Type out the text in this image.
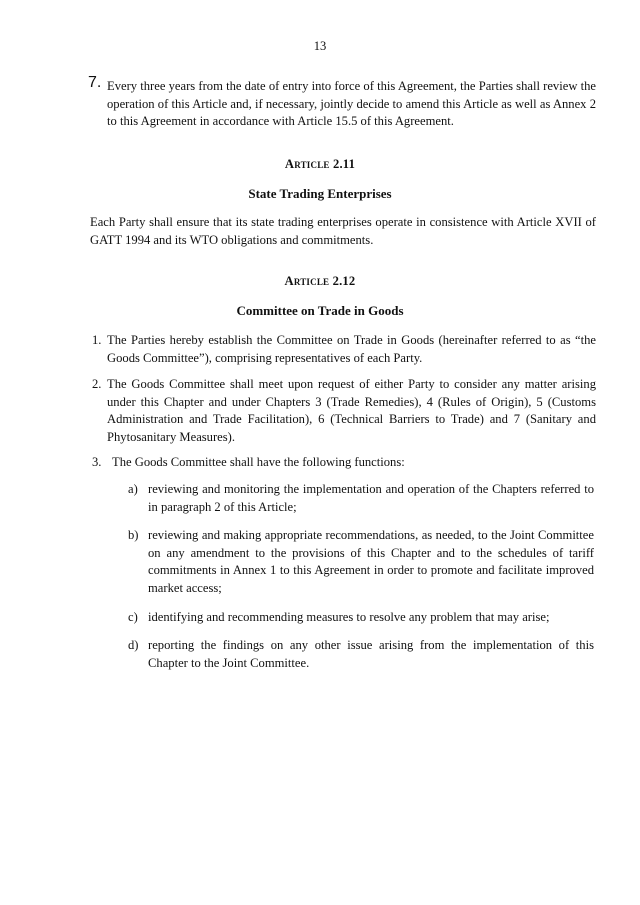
13
7. Every three years from the date of entry into force of this Agreement, the Parties shall review the operation of this Article and, if necessary, jointly decide to amend this Article as well as Annex 2 to this Agreement in accordance with Article 15.5 of this Agreement.
Article 2.11
State Trading Enterprises
Each Party shall ensure that its state trading enterprises operate in consistence with Article XVII of GATT 1994 and its WTO obligations and commitments.
Article 2.12
Committee on Trade in Goods
1. The Parties hereby establish the Committee on Trade in Goods (hereinafter referred to as “the Goods Committee”), comprising representatives of each Party.
2. The Goods Committee shall meet upon request of either Party to consider any matter arising under this Chapter and under Chapters 3 (Trade Remedies), 4 (Rules of Origin), 5 (Customs Administration and Trade Facilitation), 6 (Technical Barriers to Trade) and 7 (Sanitary and Phytosanitary Measures).
3. The Goods Committee shall have the following functions:
a) reviewing and monitoring the implementation and operation of the Chapters referred to in paragraph 2 of this Article;
b) reviewing and making appropriate recommendations, as needed, to the Joint Committee on any amendment to the provisions of this Chapter and to the schedules of tariff commitments in Annex 1 to this Agreement in order to promote and facilitate improved market access;
c) identifying and recommending measures to resolve any problem that may arise;
d) reporting the findings on any other issue arising from the implementation of this Chapter to the Joint Committee.
